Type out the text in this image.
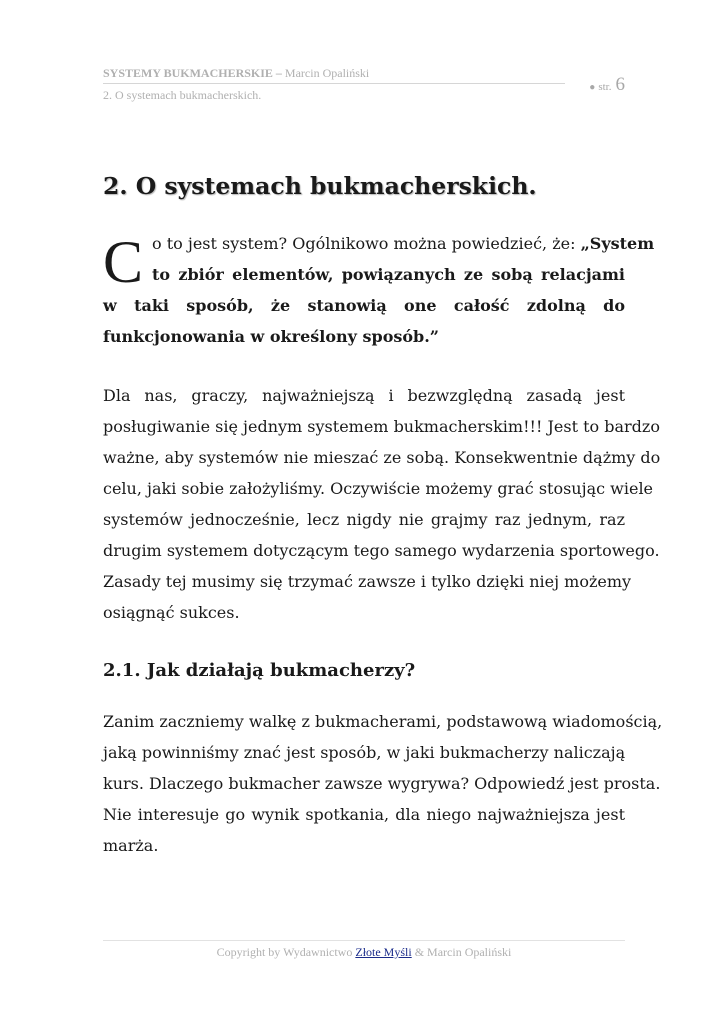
SYSTEMY BUKMACHERSKIE – Marcin Opaliński
2. O systemach bukmacherskich.
● str. 6
2. O systemach bukmacherskich.
C o to jest system? Ogólnikowo można powiedzieć, że: „System
to zbiór elementów, powiązanych ze sobą relacjami
w taki sposób, że stanowią one całość zdolną do
funkcjonowania w określony sposób.”
Dla nas, graczy, najważniejszą i bezwzględną zasadą jest
posługiwanie się jednym systemem bukmacherskim!!! Jest to bardzo
ważne, aby systemów nie mieszać ze sobą. Konsekwentnie dążmy do
celu, jaki sobie założyliśmy. Oczywiście możemy grać stosując wiele
systemów jednocześnie, lecz nigdy nie grajmy raz jednym, raz
drugim systemem dotyczącym tego samego wydarzenia sportowego.
Zasady tej musimy się trzymać zawsze i tylko dzięki niej możemy
osiągnąć sukces.
2.1. Jak działają bukmacherzy?
Zanim zaczniemy walkę z bukmacherami, podstawową wiadomością,
jaką powinniśmy znać jest sposób, w jaki bukmacherzy naliczają
kurs. Dlaczego bukmacher zawsze wygrywa? Odpowiedź jest prosta.
Nie interesuje go wynik spotkania, dla niego najważniejsza jest
marża.
Copyright by Wydawnictwo Złote Myśli & Marcin Opaliński
